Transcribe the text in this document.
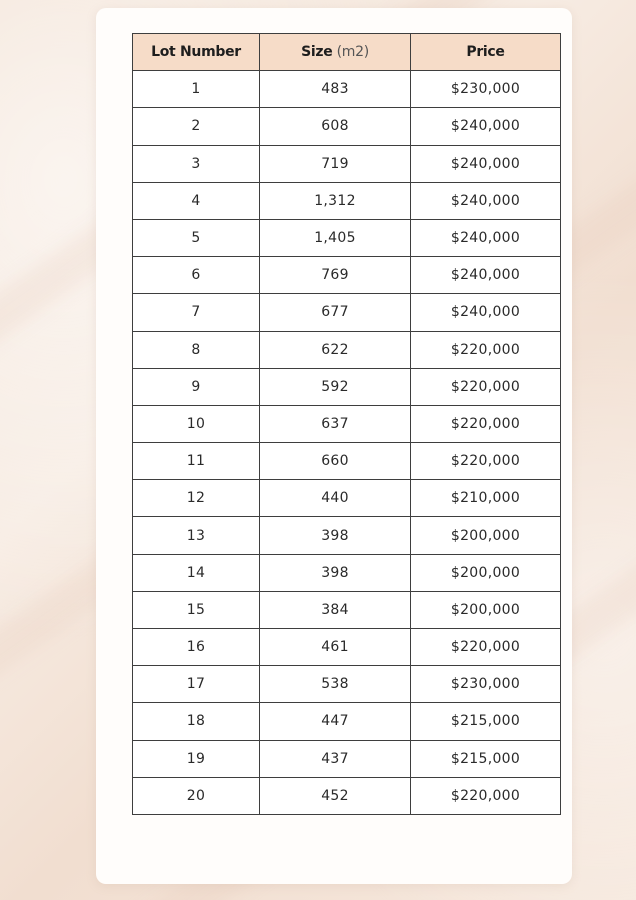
Lot Number	Size (m2)	Price
1	483	$230,000
2	608	$240,000
3	719	$240,000
4	1,312	$240,000
5	1,405	$240,000
6	769	$240,000
7	677	$240,000
8	622	$220,000
9	592	$220,000
10	637	$220,000
11	660	$220,000
12	440	$210,000
13	398	$200,000
14	398	$200,000
15	384	$200,000
16	461	$220,000
17	538	$230,000
18	447	$215,000
19	437	$215,000
20	452	$220,000
